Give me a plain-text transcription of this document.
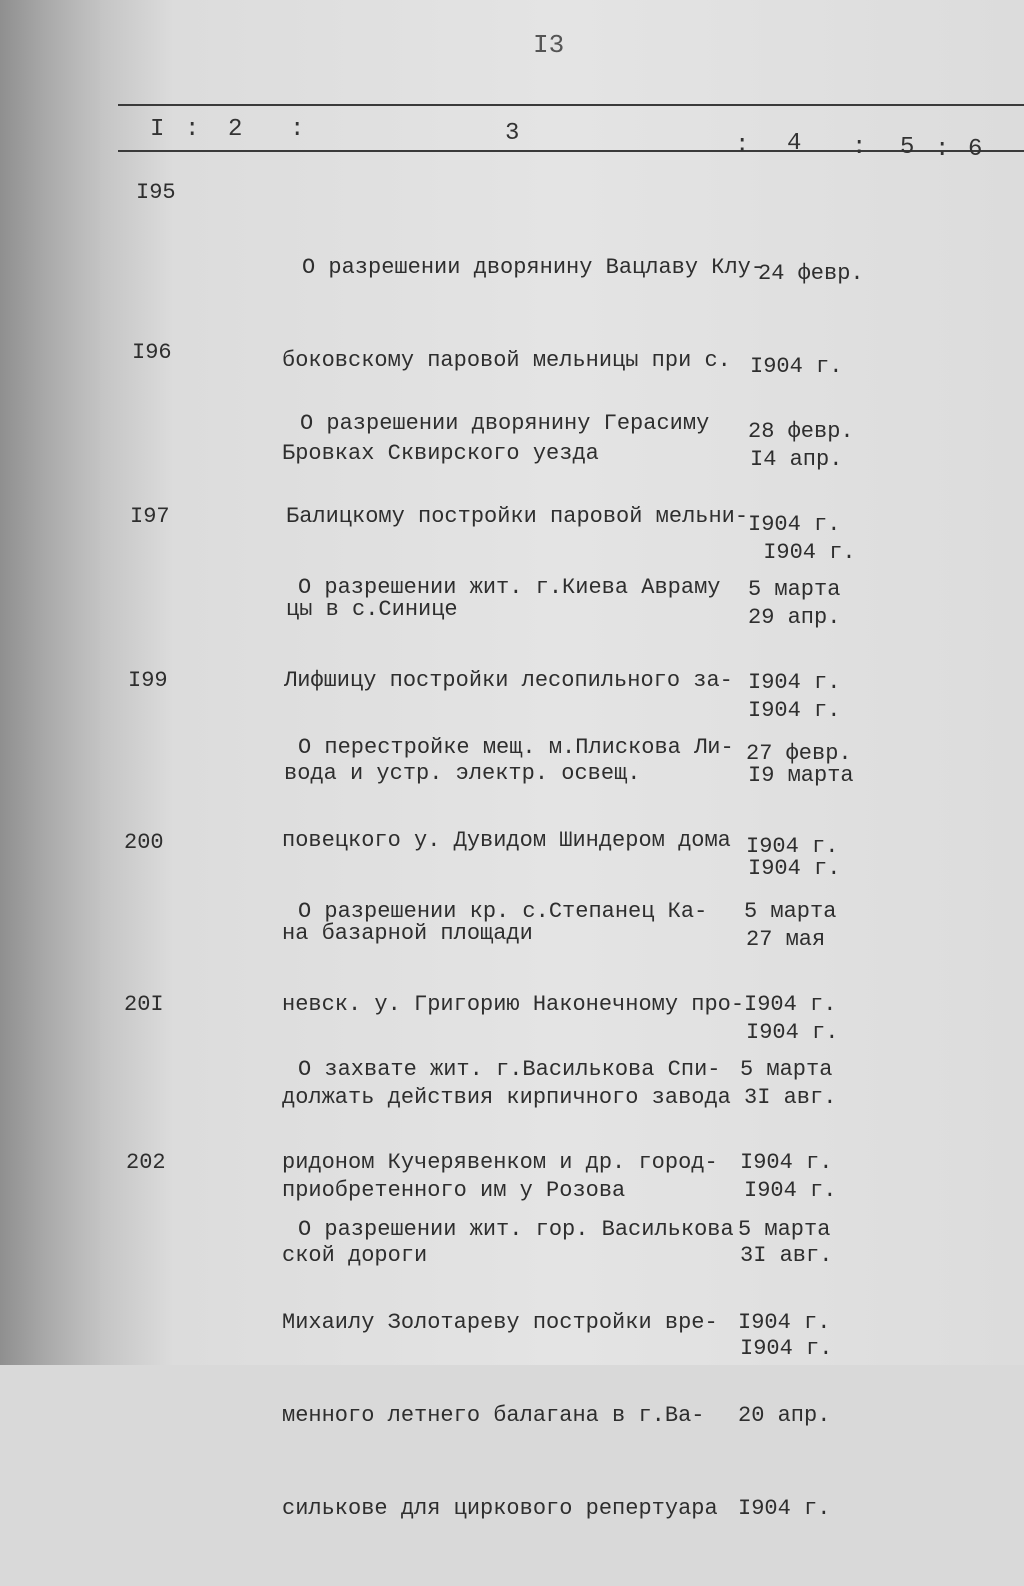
I3
I : 2 :	3	: 4 : 5 : 6
I95

О разрешении дворянину Вацлаву Клу-

боковскому паровой мельницы при с.

Бровках Сквирского уезда

24 февр.

I904 г.

I4 апр.

I904 г.

I96

О разрешении дворянину Герасиму

Балицкому постройки паровой мельни-

цы в с.Синице

28 февр.

I904 г.

29 апр.

I904 г.

I97

О разрешении жит. г.Киева Авраму

Лифшицу постройки лесопильного за-

вода и устр. электр. освещ.

5 марта

I904 г.

I9 марта

I904 г.

I99

О перестройке мещ. м.Плискова Ли-

повецкого у. Дувидом Шиндером дома

на базарной площади

27 февр.

I904 г.

27 мая

I904 г.

200

О разрешении кр. с.Степанец Ка-

невск. у. Григорию Наконечному про-

должать действия кирпичного завода

приобретенного им у Розова

5 марта

I904 г.

3I авг.

I904 г.

20I

О захвате жит. г.Василькова Спи-

ридоном Кучерявенком и др. город-

ской дороги

5 марта

I904 г.

3I авг.

I904 г.

202

О разрешении жит. гор. Василькова

Михаилу Золотареву постройки вре-

менного летнего балагана в г.Ва-

силькове для циркового репертуара

5 марта

I904 г.

20 апр.

I904 г.
